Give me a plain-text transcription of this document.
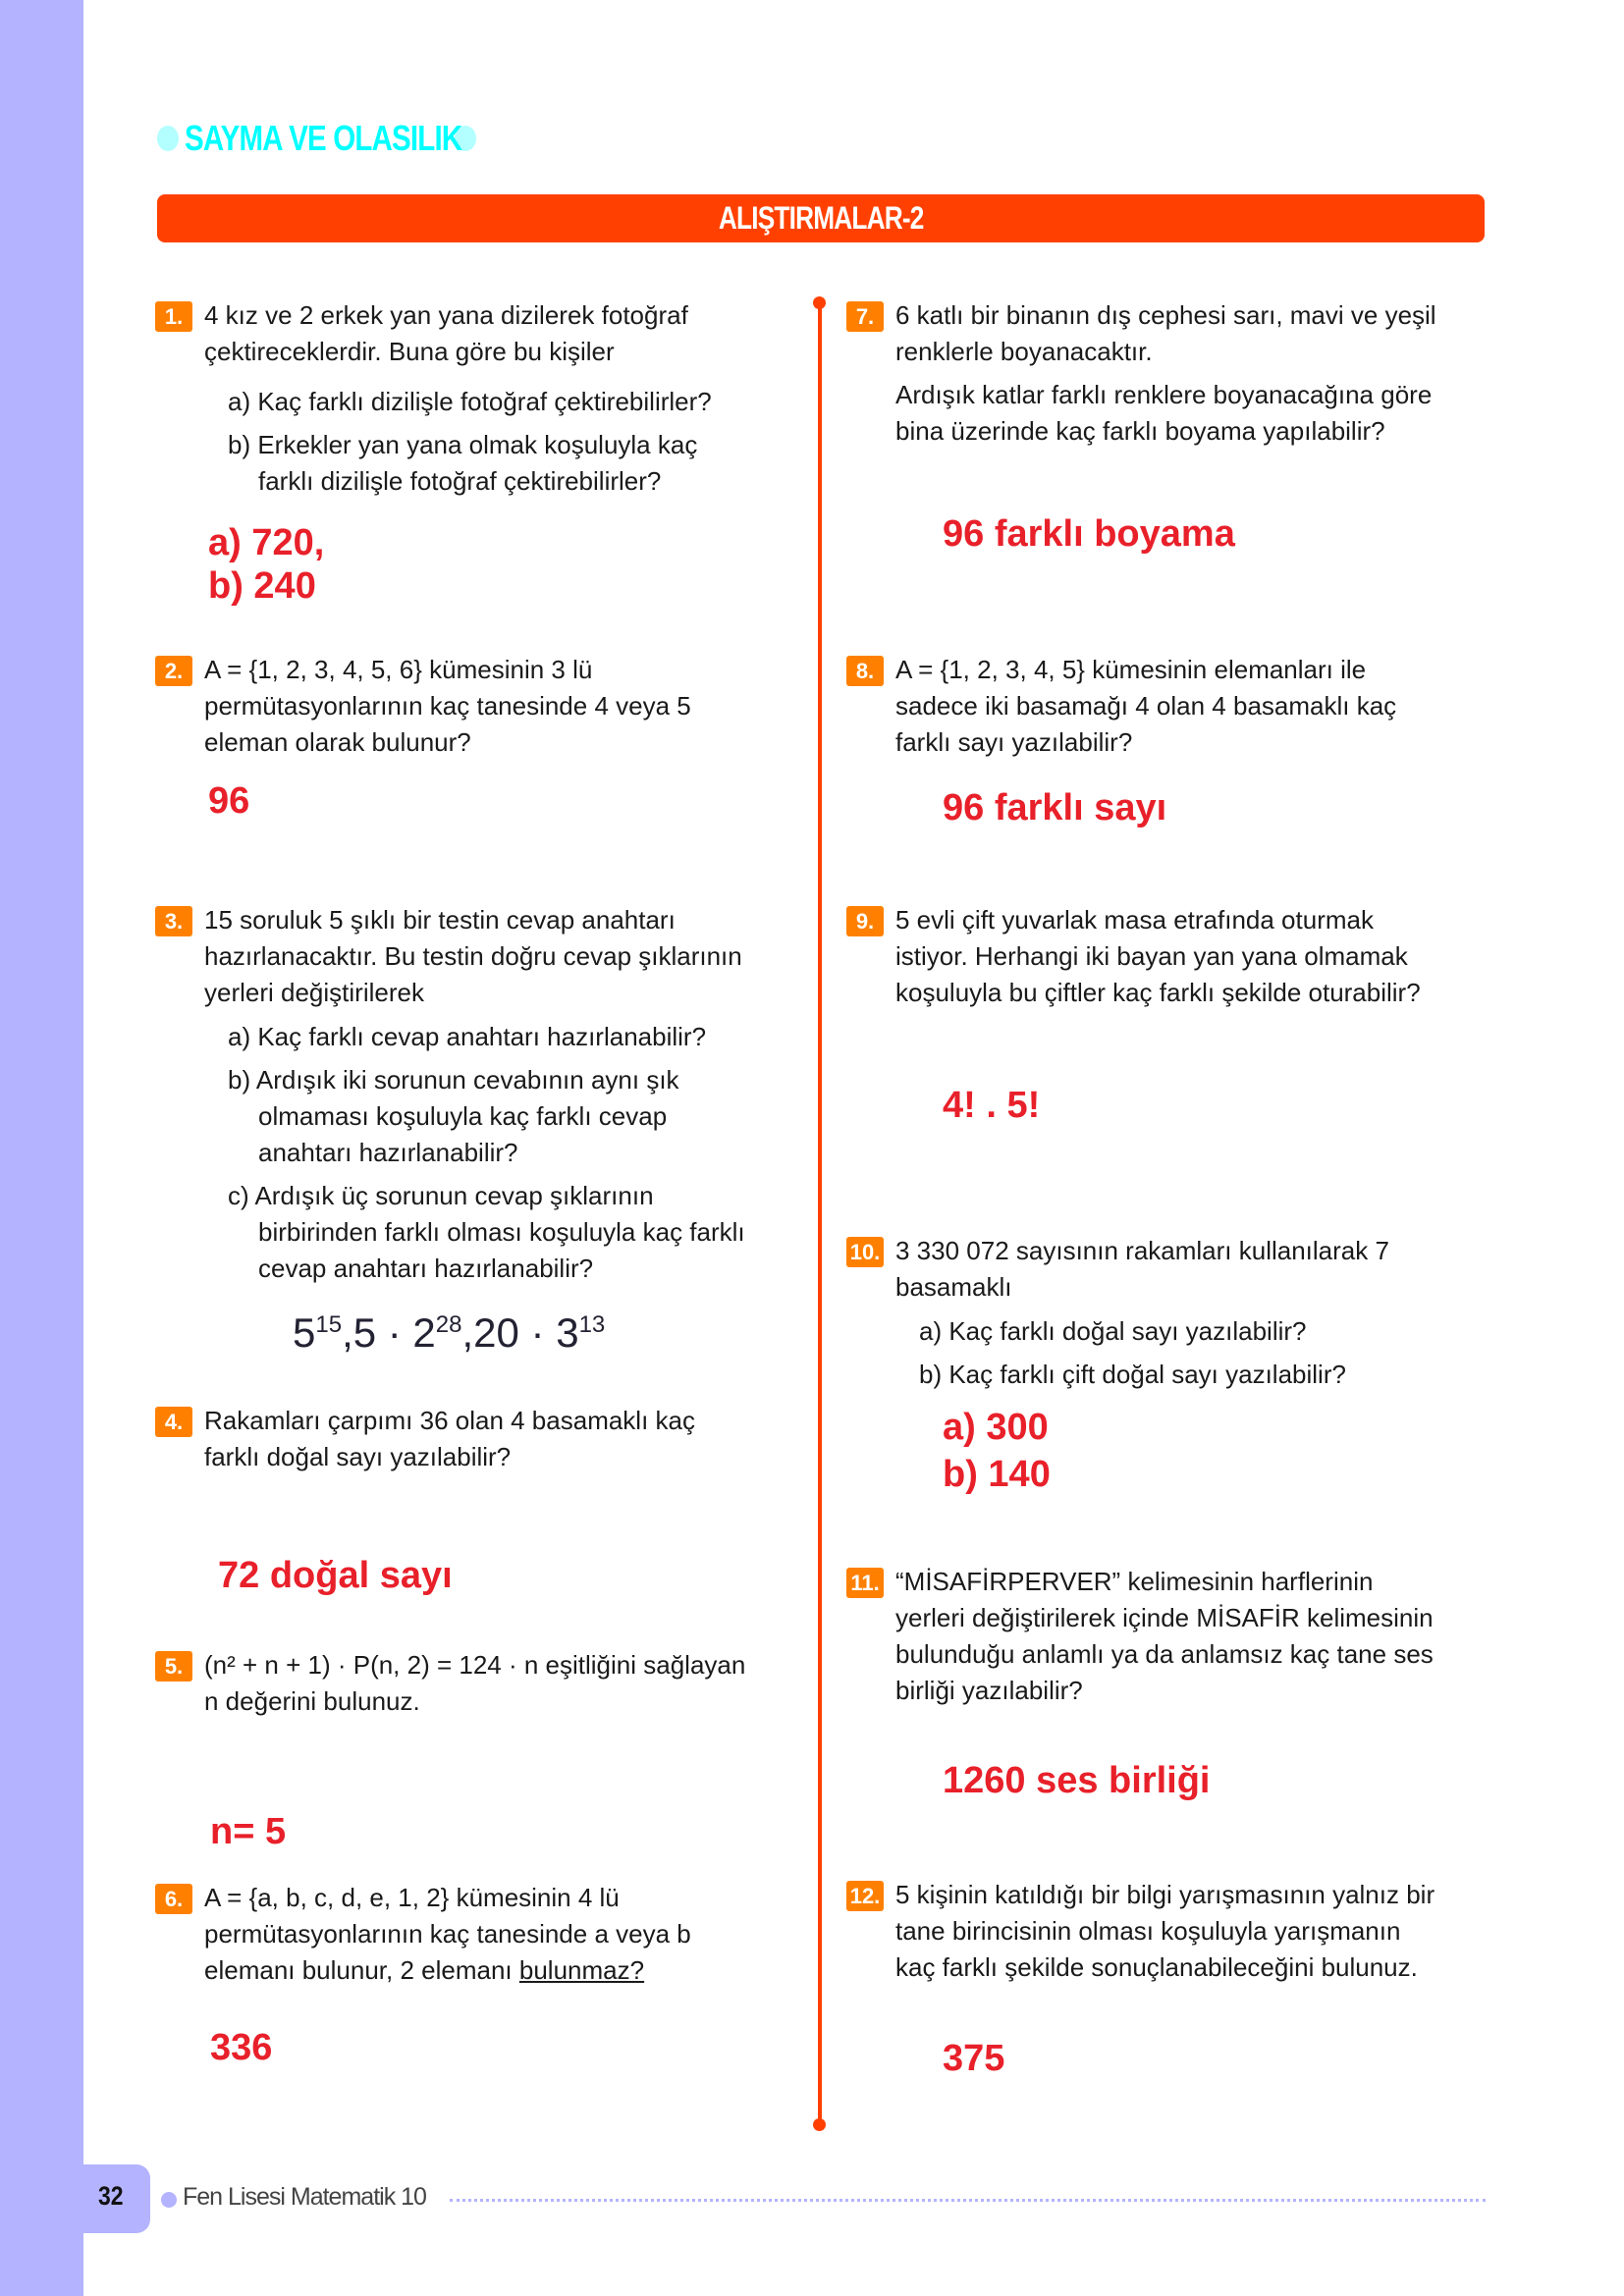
32 Fen Lisesi Matematik 10
SAYMA VE OLASILIK
ALIŞTIRMALAR-2
1. 4 kız ve 2 erkek yan yana dizilerek fotoğraf çektireceklerdir. Buna göre bu kişiler
a) Kaç farklı dizilişle fotoğraf çektirebilirler?
b) Erkekler yan yana olmak koşuluyla kaç farklı dizilişle fotoğraf çektirebilirler?
a) 720,
b) 240
2. A = {1, 2, 3, 4, 5, 6} kümesinin 3 lü permütasyonlarının kaç tanesinde 4 veya 5 eleman olarak bulunur?
96
3. 15 soruluk 5 şıklı bir testin cevap anahtarı hazırlanacaktır. Bu testin doğru cevap şıklarının yerleri değiştirilerek
a) Kaç farklı cevap anahtarı hazırlanabilir?
b) Ardışık iki sorunun cevabının aynı şık olmaması koşuluyla kaç farklı cevap anahtarı hazırlanabilir?
c) Ardışık üç sorunun cevap şıklarının birbirinden farklı olması koşuluyla kaç farklı cevap anahtarı hazırlanabilir?
$5^{15},5 \cdot 2^{28},20 \cdot 3^{13}$
4. Rakamları çarpımı 36 olan 4 basamaklı kaç farklı doğal sayı yazılabilir?
72 doğal sayı
5. (n² + n + 1) · P(n, 2) = 124 · n eşitliğini sağlayan n değerini bulunuz.
n= 5
6. A = {a, b, c, d, e, 1, 2} kümesinin 4 lü permütasyonlarının kaç tanesinde a veya b elemanı bulunur, 2 elemanı bulunmaz?
336
7. 6 katlı bir binanın dış cephesi sarı, mavi ve yeşil renklerle boyanacaktır.
Ardışık katlar farklı renklere boyanacağına göre bina üzerinde kaç farklı boyama yapılabilir?
96 farklı boyama
8. A = {1, 2, 3, 4, 5} kümesinin elemanları ile sadece iki basamağı 4 olan 4 basamaklı kaç farklı sayı yazılabilir?
96 farklı sayı
9. 5 evli çift yuvarlak masa etrafında oturmak istiyor. Herhangi iki bayan yan yana olmamak koşuluyla bu çiftler kaç farklı şekilde oturabilir?
4! . 5!
10. 3 330 072 sayısının rakamları kullanılarak 7 basamaklı
a) Kaç farklı doğal sayı yazılabilir?
b) Kaç farklı çift doğal sayı yazılabilir?
a) 300
b) 140
11. “MİSAFİRPERVER” kelimesinin harflerinin yerleri değiştirilerek içinde MİSAFİR kelimesinin bulunduğu anlamlı ya da anlamsız kaç tane ses birliği yazılabilir?
1260 ses birliği
12. 5 kişinin katıldığı bir bilgi yarışmasının yalnız bir tane birincisinin olması koşuluyla yarışmanın kaç farklı şekilde sonuçlanabileceğini bulunuz.
375
